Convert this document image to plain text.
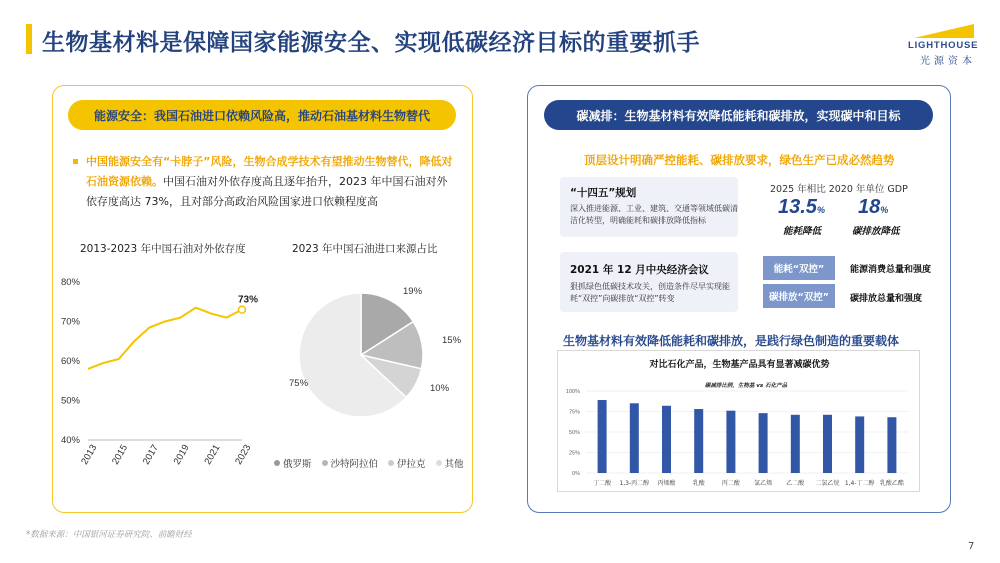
生物基材料是保障国家能源安全、实现低碳经济目标的重要抓手	LIGHTHOUSE
光源资本
能源安全：我国石油进口依赖风险高，推动石油基材料生物替代
中国能源安全有“卡脖子”风险，生物合成学技术有望推动生物替代，降低对石油资源依赖。中国石油对外依存度高且逐年抬升，2023 年中国石油对外依存度高达 73%，且对部分高政治风险国家进口依赖程度高
2013-2023 年中国石油对外依存度	2023 年中国石油进口来源占比
40%
50%
60%
70%
80%
2013 2015 2017 2019 2021 2023
73%
19%
15%
10%
75%
俄罗斯 沙特阿拉伯 伊拉克 其他
碳减排：生物基材料有效降低能耗和碳排放，实现碳中和目标
顶层设计明确严控能耗、碳排放要求，绿色生产已成必然趋势
“十四五”规划
深入推进能源、工业、建筑、交通等领域低碳清洁化转型，明确能耗和碳排放降低指标
2025 年相比 2020 年单位 GDP
13.5% 18%
能耗降低	碳排放降低
2021 年 12 月中央经济会议
狠抓绿色低碳技术攻关，创造条件尽早实现能耗“双控”向碳排放“双控”转变
能耗“双控”	能源消费总量和强度
碳排放“双控”	碳排放总量和强度
生物基材料有效降低能耗和碳排放，是践行绿色制造的重要载体
对比石化产品，生物基产品具有显著减碳优势
碳减排比例，生物基 vs 石化产品
0%
25%
50%
75%
100%
丁二酸 1,3-丙二醇 丙烯酸	乳酸	丙二酸 氯乙烯 乙二酸 二氯乙烷 1,4-丁二醇 乳酸乙酯
*数据来源：中国银河证券研究院、前瞻财经
7
